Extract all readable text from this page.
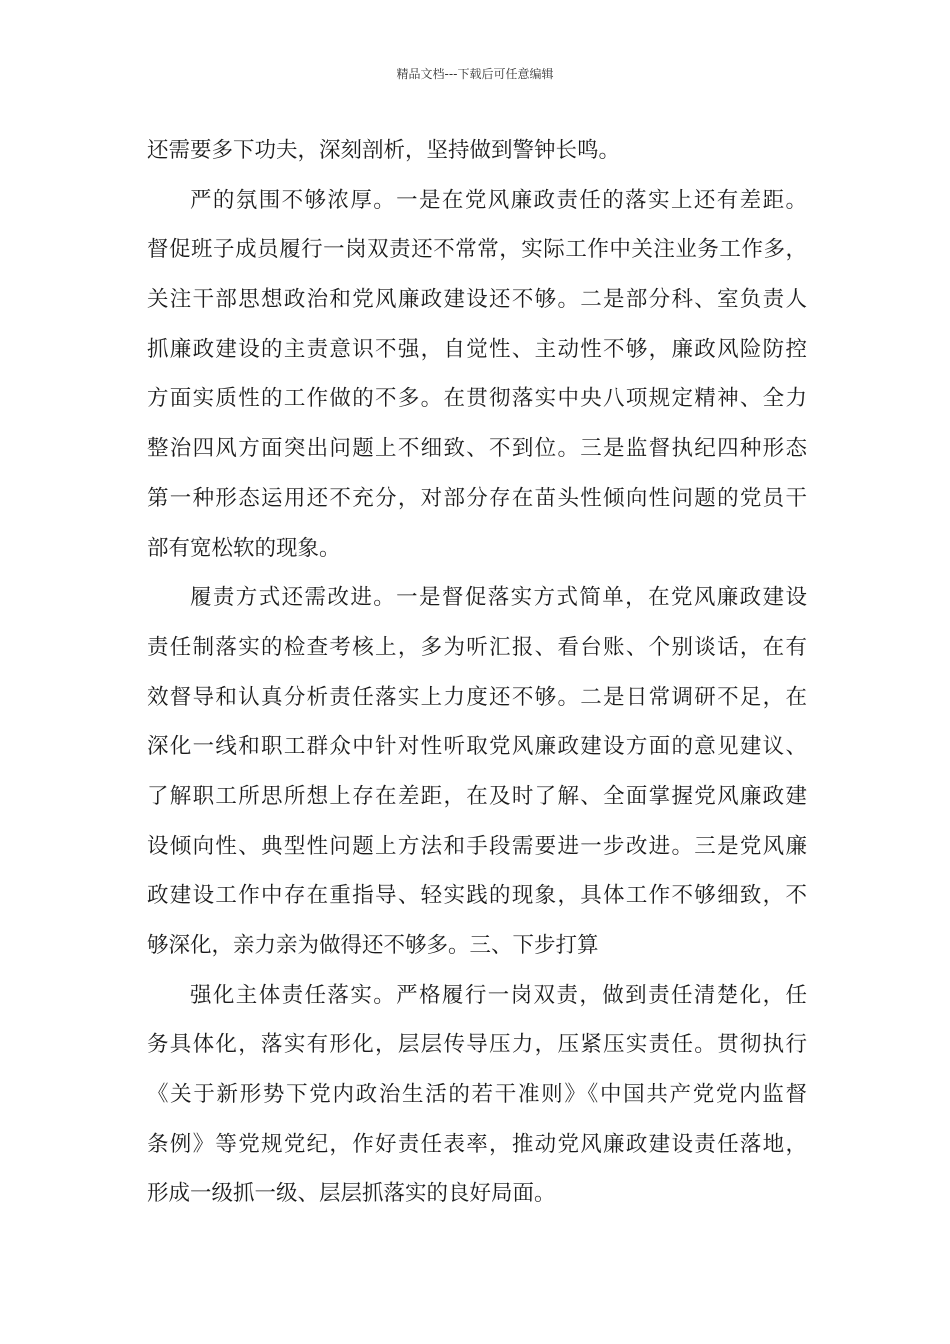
精品文档---下载后可任意编辑
还需要多下功夫，深刻剖析，坚持做到警钟长鸣。
严的氛围不够浓厚。一是在党风廉政责任的落实上还有差距。
督促班子成员履行一岗双责还不常常，实际工作中关注业务工作多，
关注干部思想政治和党风廉政建设还不够。二是部分科、室负责人
抓廉政建设的主责意识不强，自觉性、主动性不够，廉政风险防控
方面实质性的工作做的不多。在贯彻落实中央八项规定精神、全力
整治四风方面突出问题上不细致、不到位。三是监督执纪四种形态
第一种形态运用还不充分，对部分存在苗头性倾向性问题的党员干
部有宽松软的现象。
履责方式还需改进。一是督促落实方式简单，在党风廉政建设
责任制落实的检查考核上，多为听汇报、看台账、个别谈话，在有
效督导和认真分析责任落实上力度还不够。二是日常调研不足，在
深化一线和职工群众中针对性听取党风廉政建设方面的意见建议、
了解职工所思所想上存在差距，在及时了解、全面掌握党风廉政建
设倾向性、典型性问题上方法和手段需要进一步改进。三是党风廉
政建设工作中存在重指导、轻实践的现象，具体工作不够细致，不
够深化，亲力亲为做得还不够多。三、下步打算
强化主体责任落实。严格履行一岗双责，做到责任清楚化，任
务具体化，落实有形化，层层传导压力，压紧压实责任。贯彻执行
《关于新形势下党内政治生活的若干准则》《中国共产党党内监督
条例》等党规党纪，作好责任表率，推动党风廉政建设责任落地，
形成一级抓一级、层层抓落实的良好局面。
